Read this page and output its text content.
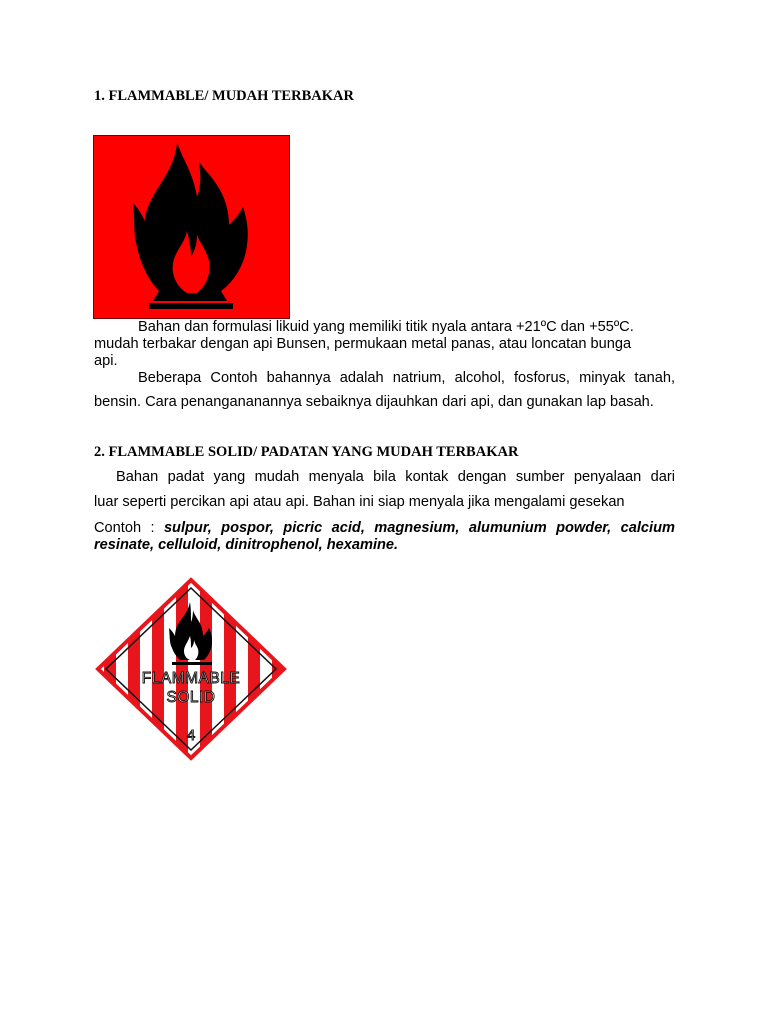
1. FLAMMABLE/ MUDAH TERBAKAR

Bahan dan formulasi likuid yang memiliki titik nyala antara +21ºC dan +55ºC.

mudah terbakar dengan api Bunsen, permukaan metal panas, atau loncatan bunga

api.

Beberapa Contoh bahannya adalah natrium, alcohol, fosforus, minyak tanah,

bensin. Cara penangananannya sebaiknya dijauhkan dari api, dan gunakan lap basah.

2. FLAMMABLE SOLID/ PADATAN YANG MUDAH TERBAKAR

Bahan padat yang mudah menyala bila kontak dengan sumber penyalaan dari

luar seperti percikan api atau api. Bahan ini siap menyala jika mengalami gesekan

Contoh : sulpur, pospor, picric acid, magnesium, alumunium powder, calcium

resinate, celluloid, dinitrophenol, hexamine.

FLAMMABLE
SOLID
4
